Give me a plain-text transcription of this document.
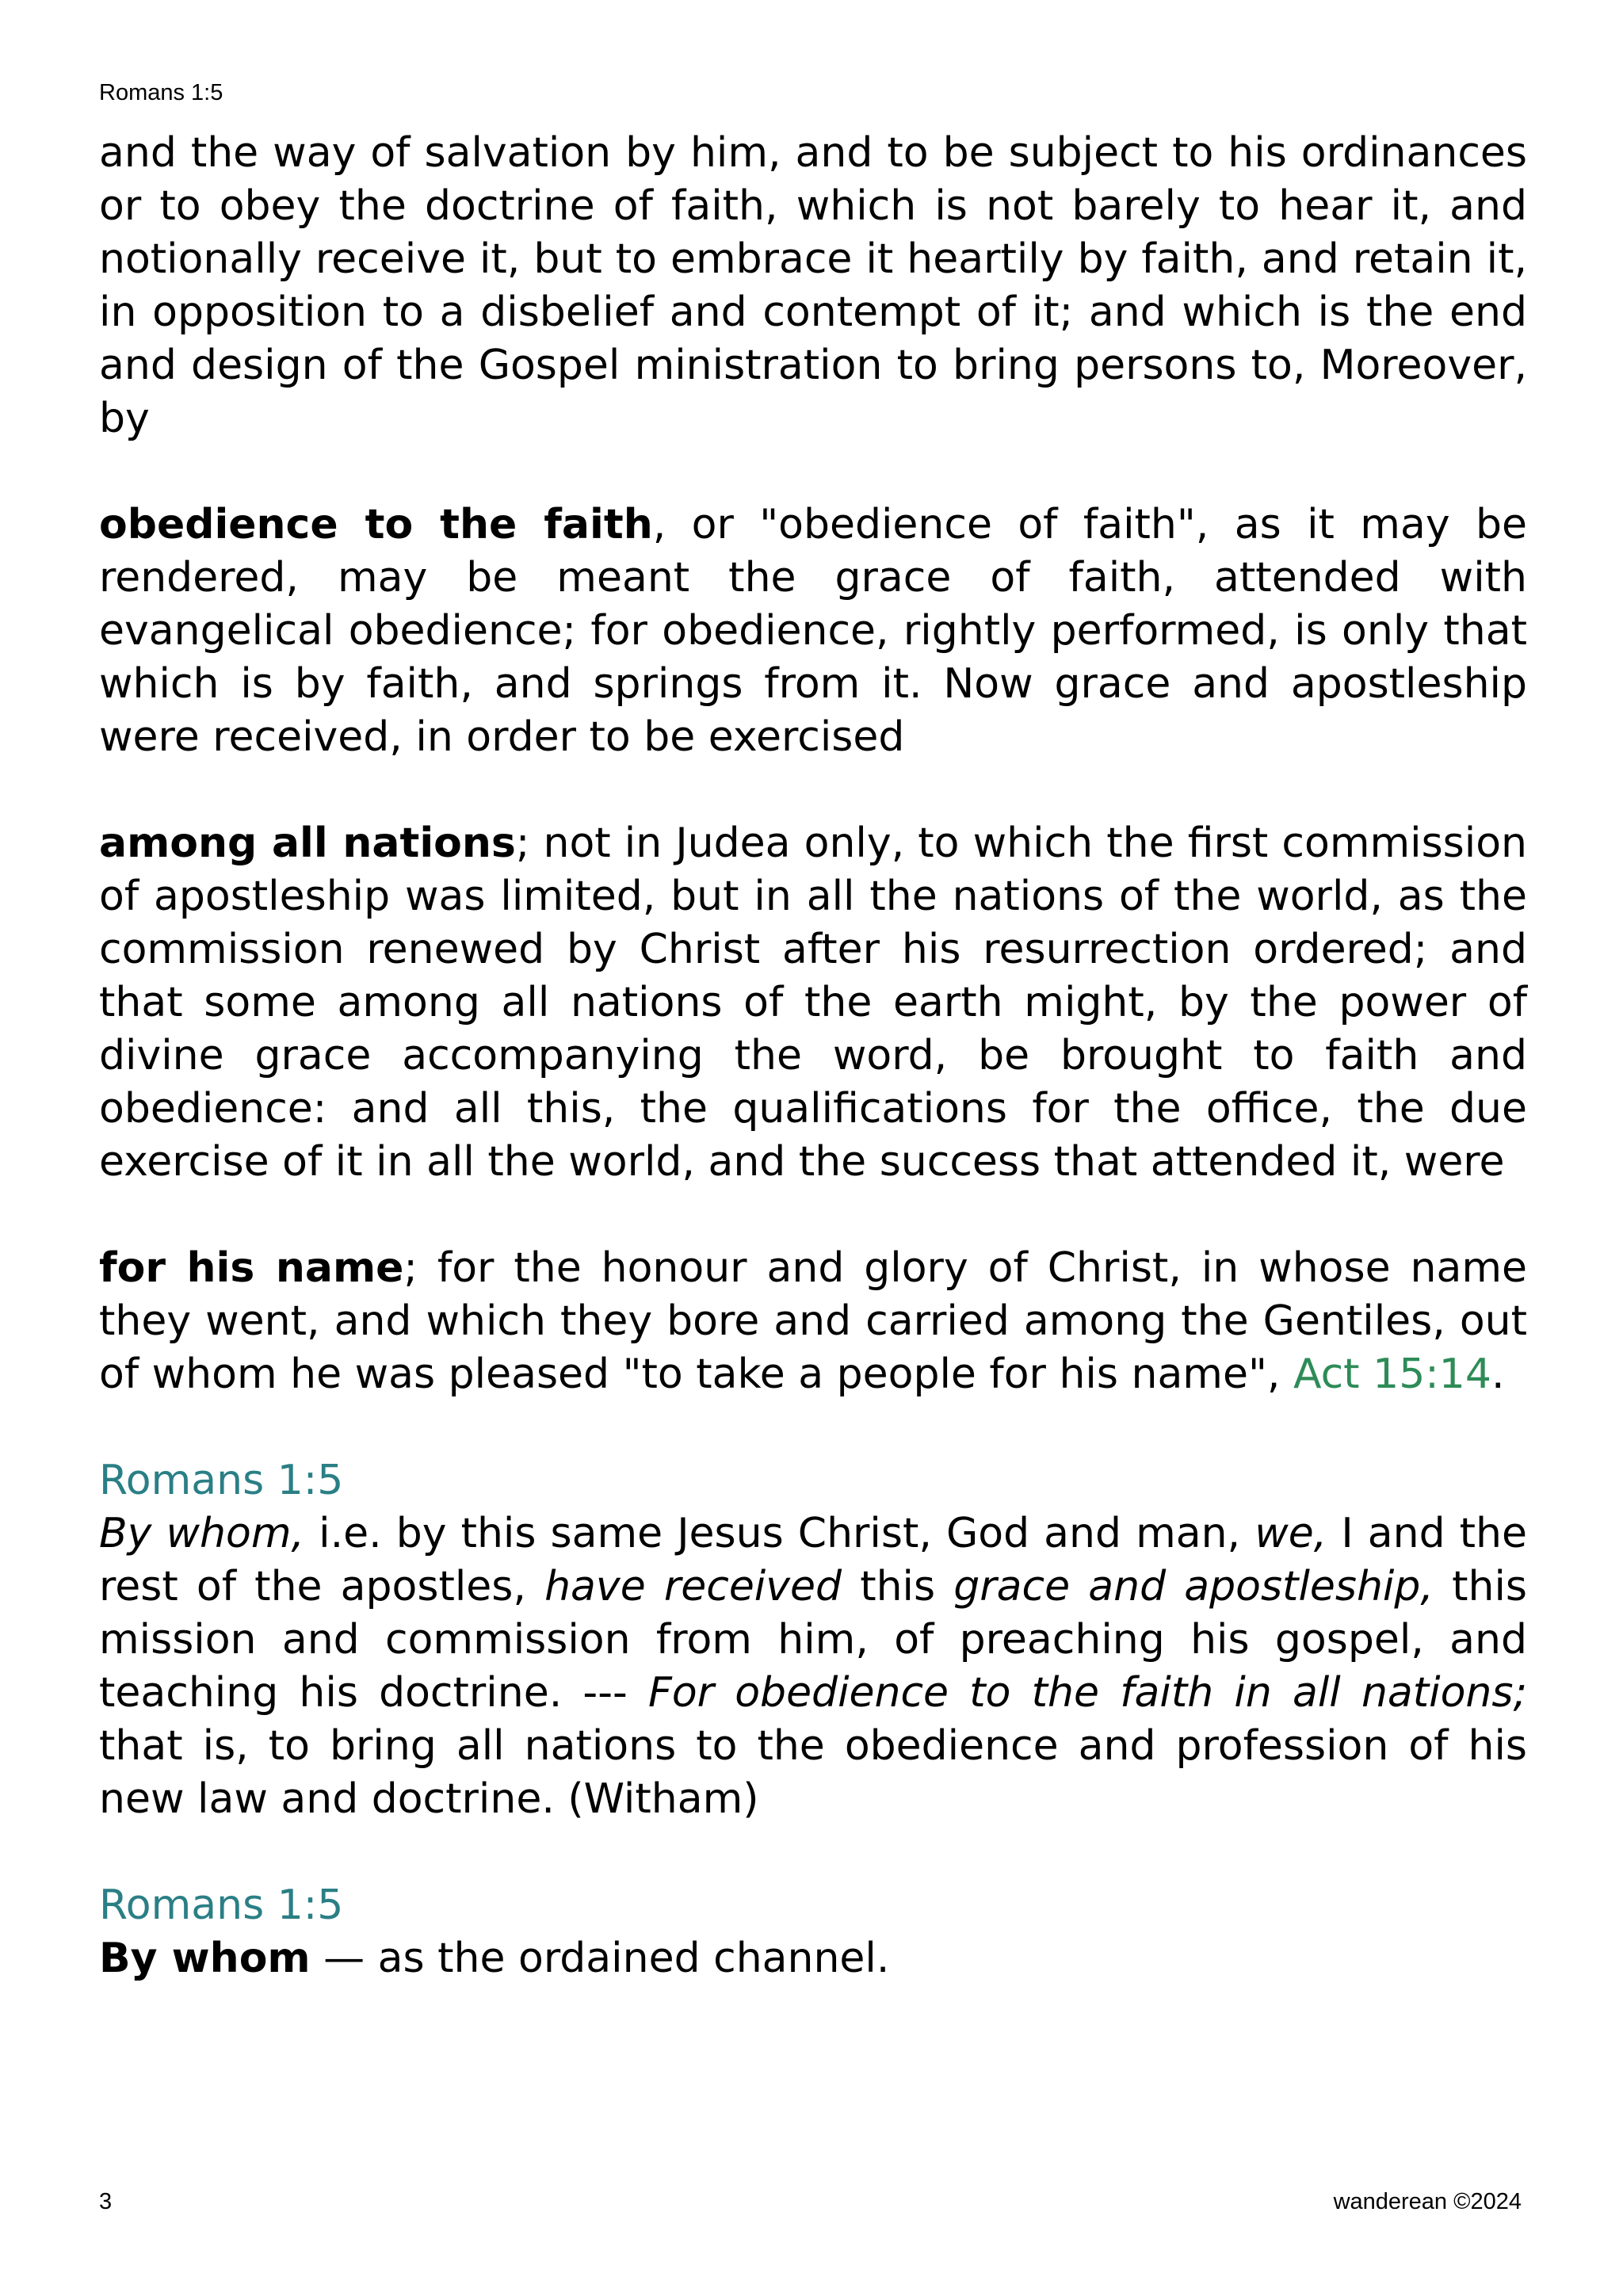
Romans 1:5

and the way of salvation by him, and to be subject to his ordinances or to obey the doctrine of faith, which is not barely to hear it, and notionally receive it, but to embrace it heartily by faith, and retain it, in opposition to a disbelief and contempt of it; and which is the end and design of the Gospel ministration to bring persons to, Moreover, by

obedience to the faith, or "obedience of faith", as it may be rendered, may be meant the grace of faith, attended with evangelical obedience; for obedience, rightly performed, is only that which is by faith, and springs from it. Now grace and apostleship were received, in order to be exercised

among all nations; not in Judea only, to which the first commission of apostleship was limited, but in all the nations of the world, as the commission renewed by Christ after his resurrection ordered; and that some among all nations of the earth might, by the power of divine grace accompanying the word, be brought to faith and obedience: and all this, the qualifications for the office, the due exercise of it in all the world, and the success that attended it, were

for his name; for the honour and glory of Christ, in whose name they went, and which they bore and carried among the Gentiles, out of whom he was pleased "to take a people for his name", Act 15:14.

Romans 1:5

By whom, i.e. by this same Jesus Christ, God and man, we, I and the rest of the apostles, have received this grace and apostleship, this mission and commission from him, of preaching his gospel, and teaching his doctrine. --- For obedience to the faith in all nations; that is, to bring all nations to the obedience and profession of his new law and doctrine. (Witham)

Romans 1:5

By whom — as the ordained channel.

3	wanderean ©2024
